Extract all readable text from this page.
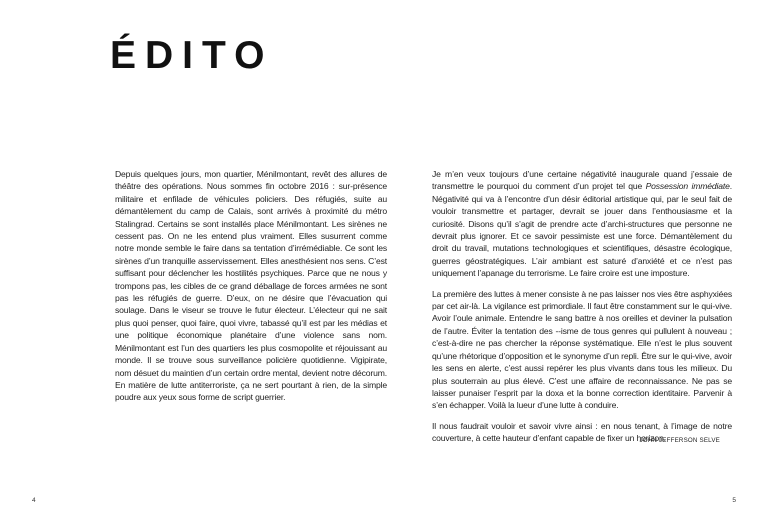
ÉDITO

Depuis quelques jours, mon quartier, Ménilmontant, revêt des allures de théâtre des opérations. Nous sommes fin octobre 2016 : sur-présence militaire et enfilade de véhicules policiers. Des réfugiés, suite au démantèlement du camp de Calais, sont arrivés à proximité du métro Stalingrad. Certains se sont installés place Ménilmontant. Les sirènes ne cessent pas. On ne les entend plus vraiment. Elles susurrent comme notre monde semble le faire dans sa tentation d’irrémédiable. Ce sont les sirènes d’un tranquille asservissement. Elles anesthésient nos sens. C’est suffisant pour déclencher les hostilités psychiques. Parce que ne nous y trompons pas, les cibles de ce grand déballage de forces armées ne sont pas les réfugiés de guerre. D’eux, on ne désire que l’évacuation qui soulage. Dans le viseur se trouve le futur électeur. L’électeur qui ne sait plus quoi penser, quoi faire, quoi vivre, tabassé qu’il est par les médias et une politique économique planétaire d’une violence sans nom. Ménilmontant est l’un des quartiers les plus cosmopolite et réjouissant au monde. Il se trouve sous surveillance policière quotidienne. Vigipirate, nom désuet du maintien d’un certain ordre mental, devient notre décorum. En matière de lutte antiterroriste, ça ne sert pourtant à rien, de la simple poudre aux yeux sous forme de script guerrier.

Je m’en veux toujours d’une certaine négativité inaugurale quand j’essaie de transmettre le pourquoi du comment d’un projet tel que Possession immédiate. Négativité qui va à l’encontre d’un désir éditorial artistique qui, par le seul fait de vouloir transmettre et partager, devrait se jouer dans l’enthousiasme et la curiosité. Disons qu’il s’agit de prendre acte d’archi-structures que personne ne devrait plus ignorer. Et ce savoir pessimiste est une force. Démantèlement du droit du travail, mutations technologiques et scientifiques, désastre écologique, guerres géostratégiques. L’air ambiant est saturé d’anxiété et ce n’est pas uniquement l’apanage du terrorisme. Le faire croire est une imposture.

La première des luttes à mener consiste à ne pas laisser nos vies être asphyxiées par cet air-là. La vigilance est primordiale. Il faut être constamment sur le qui-vive. Avoir l’oule animale. Entendre le sang battre à nos oreilles et deviner la pulsation de l’autre. Éviter la tentation des --isme de tous genres qui pullulent à nouveau ; c’est-à-dire ne pas chercher la réponse systématique. Elle n’est le plus souvent qu’une rhétorique d’opposition et le synonyme d’un repli. Être sur le qui-vive, avoir les sens en alerte, c’est aussi repérer les plus vivants dans tous les milieux. Du plus souterrain au plus élevé. C’est une affaire de reconnaissance. Ne pas se laisser punaiser l’esprit par la doxa et la bonne correction identitaire. Parvenir à s’en échapper. Voilà la lueur d’une lutte à conduire.

Il nous faudrait vouloir et savoir vivre ainsi : en nous tenant, à l’image de notre couverture, à cette hauteur d’enfant capable de fixer un horizon.

JOHN JEFFERSON SELVE
4	5
